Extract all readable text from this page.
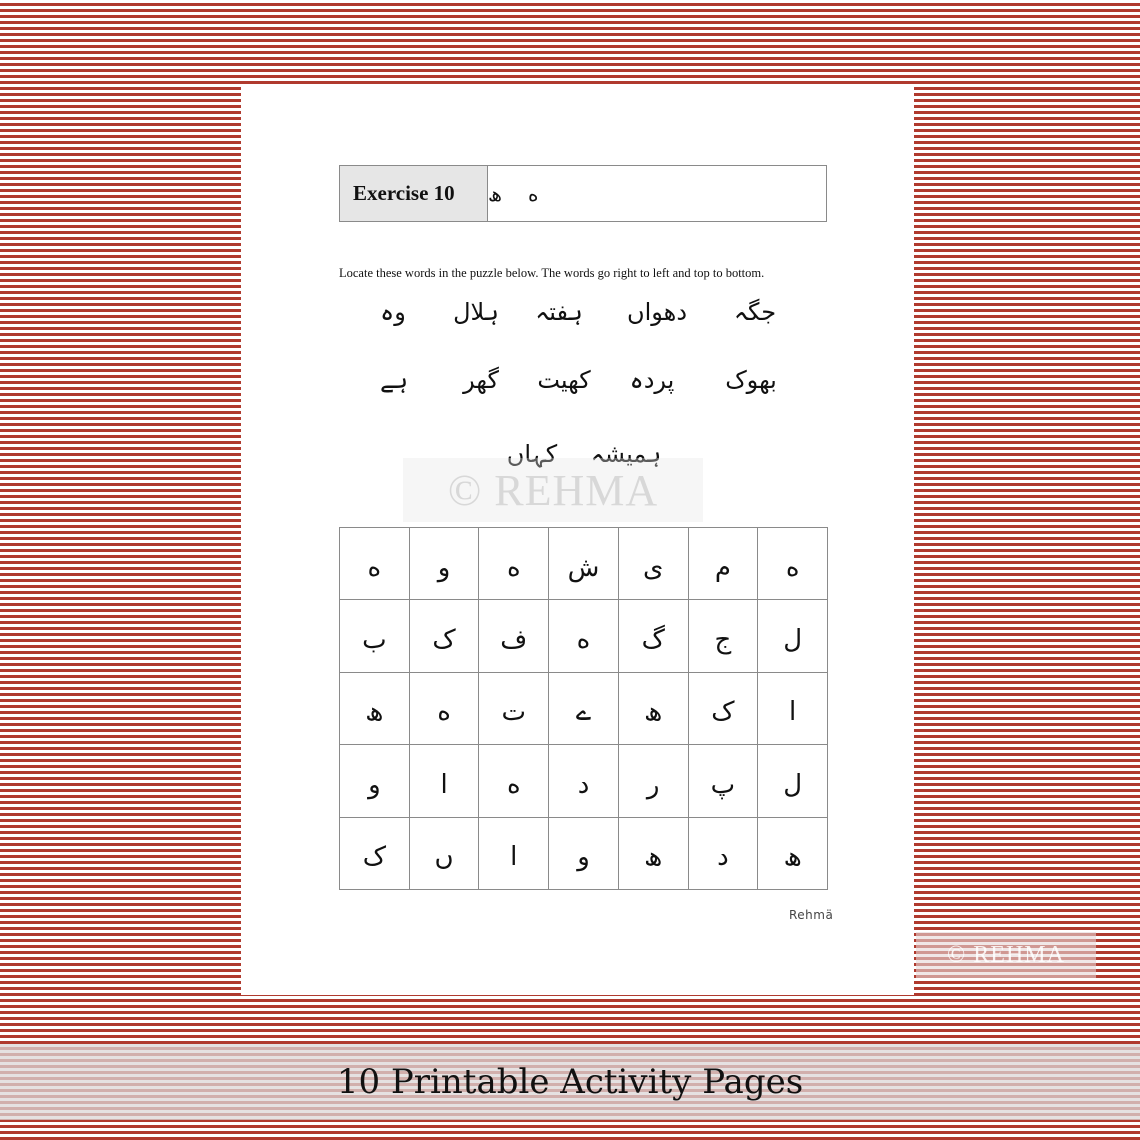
Exercise 10	ه
ھ
Locate these words in the puzzle below. The words go right to left and top to bottom.
جگہ
دھواں
ہفتہ
ہلال
وہ
بھوک
پردہ
کھیت
گھر
ہے
ہمیشہ
کہاں
© REHMA
ه	و	ه	ش	ی	م	ه
ب	ک	ف	ه	گ	ج	ل
ھ	ه	ت	ے	ھ	ک	ا
و	ا	ه	د	ر	پ	ل
ک	ں	ا	و	ھ	د	ھ
Rehmä
© REHMA
10 Printable Activity Pages
